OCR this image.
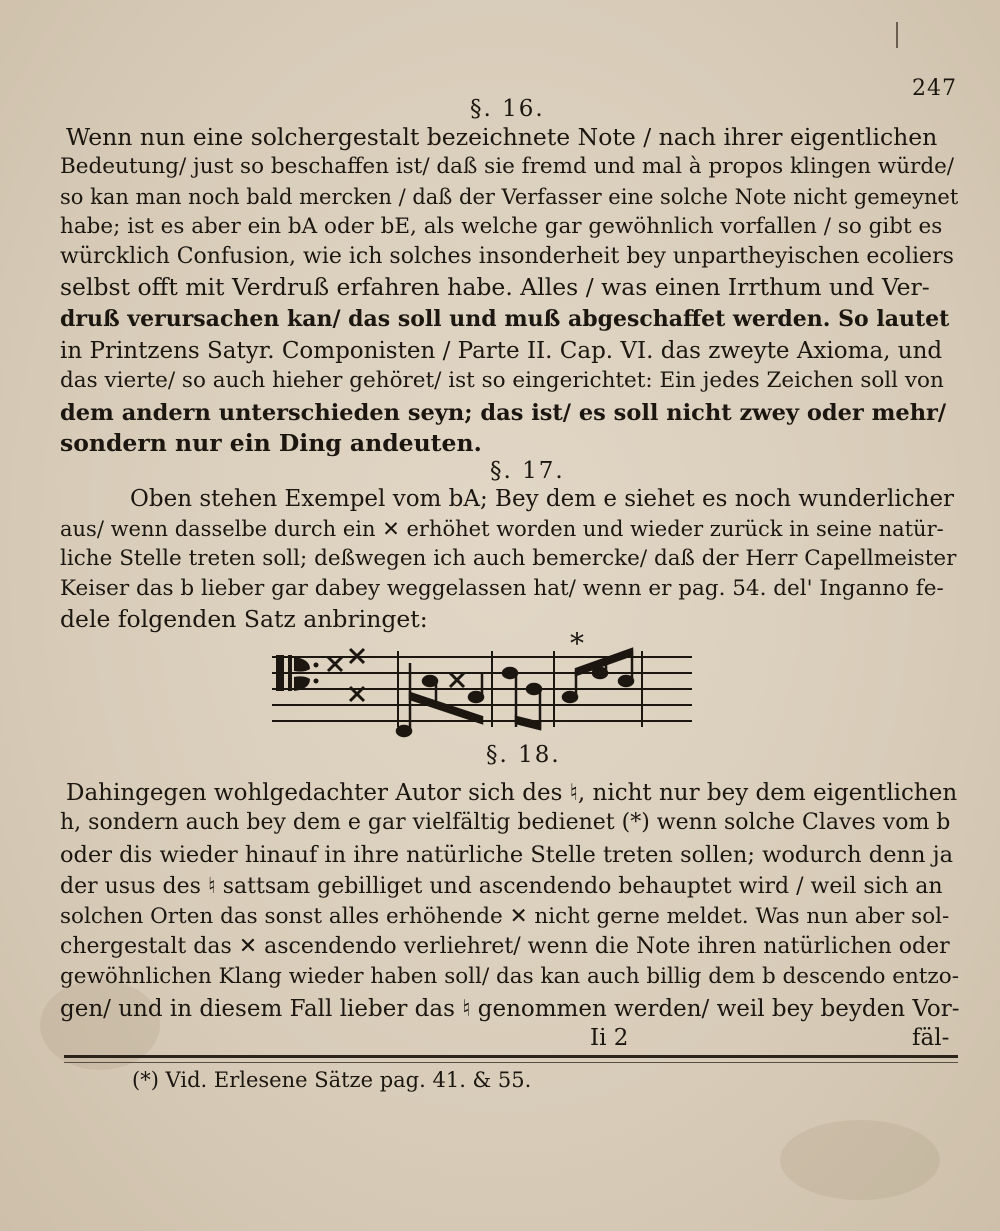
247
§. 16.
Wenn nun eine solchergestalt bezeichnete Note / nach ihrer eigentlichen
Bedeutung/ just so beschaffen ist/ daß sie fremd und mal à propos klingen würde/
so kan man noch bald mercken / daß der Verfasser eine solche Note nicht gemeynet
habe; ist es aber ein bA oder bE, als welche gar gewöhnlich vorfallen / so gibt es
würcklich Confusion, wie ich solches insonderheit bey unpartheyischen ecoliers
selbst offt mit Verdruß erfahren habe. Alles / was einen Irrthum und Ver-
druß verursachen kan/ das soll und muß abgeschaffet werden. So lautet
in Printzens Satyr. Componisten / Parte II. Cap. VI. das zweyte Axioma, und
das vierte/ so auch hieher gehöret/ ist so eingerichtet: Ein jedes Zeichen soll von
dem andern unterschieden seyn; das ist/ es soll nicht zwey oder mehr/
sondern nur ein Ding andeuten.
§. 17.
Oben stehen Exempel vom bA; Bey dem e siehet es noch wunderlicher
aus/ wenn dasselbe durch ein ✕ erhöhet worden und wieder zurück in seine natür-
liche Stelle treten soll; deßwegen ich auch bemercke/ daß der Herr Capellmeister
Keiser das b lieber gar dabey weggelassen hat/ wenn er pag. 54. del' Inganno fe-
dele folgenden Satz anbringet:
*
§. 18.
Dahingegen wohlgedachter Autor sich des ♮, nicht nur bey dem eigentlichen
h, sondern auch bey dem e gar vielfältig bedienet (*) wenn solche Claves vom b
oder dis wieder hinauf in ihre natürliche Stelle treten sollen; wodurch denn ja
der usus des ♮ sattsam gebilliget und ascendendo behauptet wird / weil sich an
solchen Orten das sonst alles erhöhende ✕ nicht gerne meldet. Was nun aber sol-
chergestalt das ✕ ascendendo verliehret/ wenn die Note ihren natürlichen oder
gewöhnlichen Klang wieder haben soll/ das kan auch billig dem b descendo entzo-
gen/ und in diesem Fall lieber das ♮ genommen werden/ weil bey beyden Vor-
Ii 2	fäl-
(*) Vid. Erlesene Sätze pag. 41. & 55.
